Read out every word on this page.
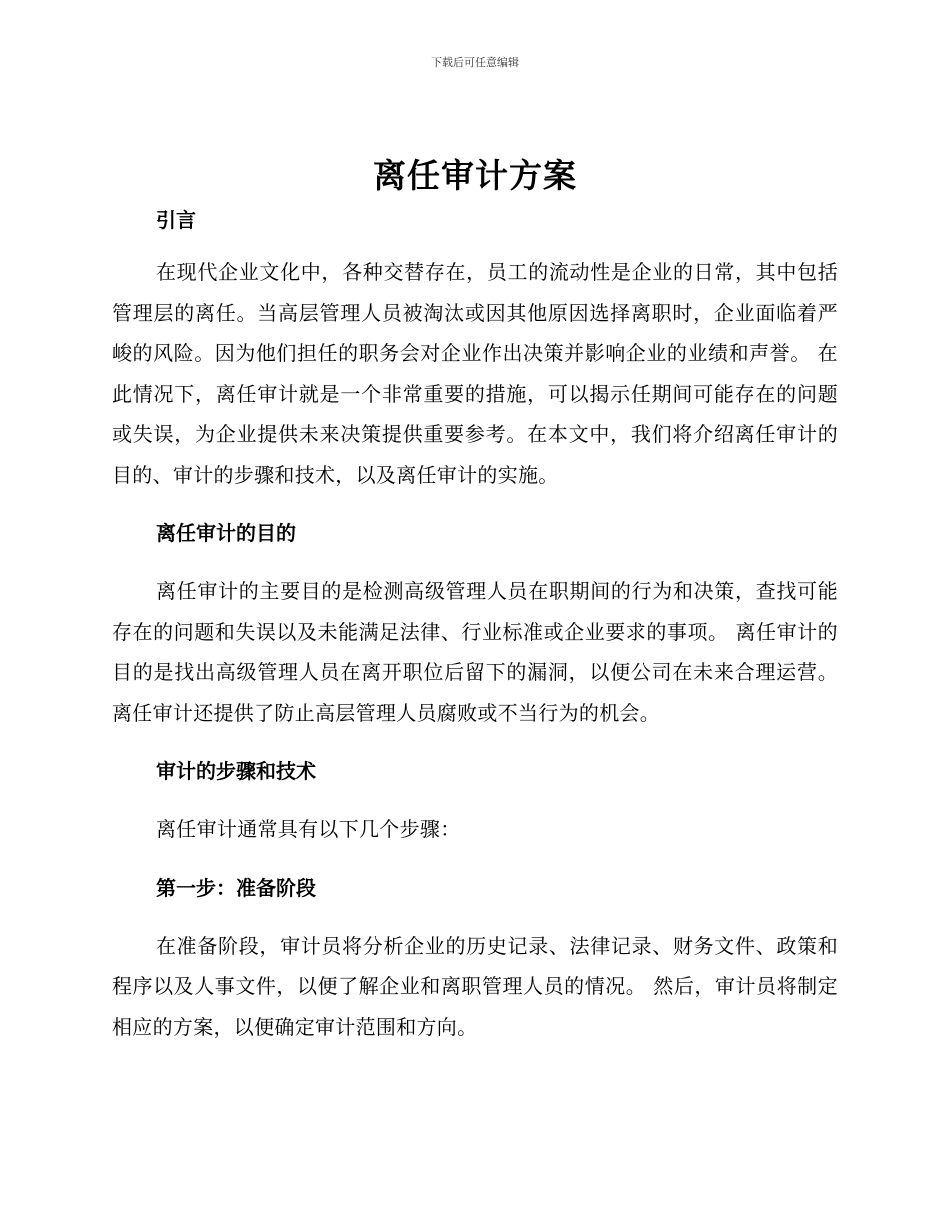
下载后可任意编辑
离任审计方案

引言

在现代企业文化中，各种交替存在，员工的流动性是企业的日常，其中包括管理层的离任。当高层管理人员被淘汰或因其他原因选择离职时，企业面临着严峻的风险。因为他们担任的职务会对企业作出决策并影响企业的业绩和声誉。 在此情况下，离任审计就是一个非常重要的措施，可以揭示任期间可能存在的问题或失误，为企业提供未来决策提供重要参考。在本文中，我们将介绍离任审计的目的、审计的步骤和技术，以及离任审计的实施。

离任审计的目的

离任审计的主要目的是检测高级管理人员在职期间的行为和决策，查找可能存在的问题和失误以及未能满足法律、行业标准或企业要求的事项。 离任审计的目的是找出高级管理人员在离开职位后留下的漏洞，以便公司在未来合理运营。 离任审计还提供了防止高层管理人员腐败或不当行为的机会。

审计的步骤和技术

离任审计通常具有以下几个步骤：

第一步：准备阶段

在准备阶段，审计员将分析企业的历史记录、法律记录、财务文件、政策和程序以及人事文件，以便了解企业和离职管理人员的情况。 然后，审计员将制定相应的方案，以便确定审计范围和方向。
